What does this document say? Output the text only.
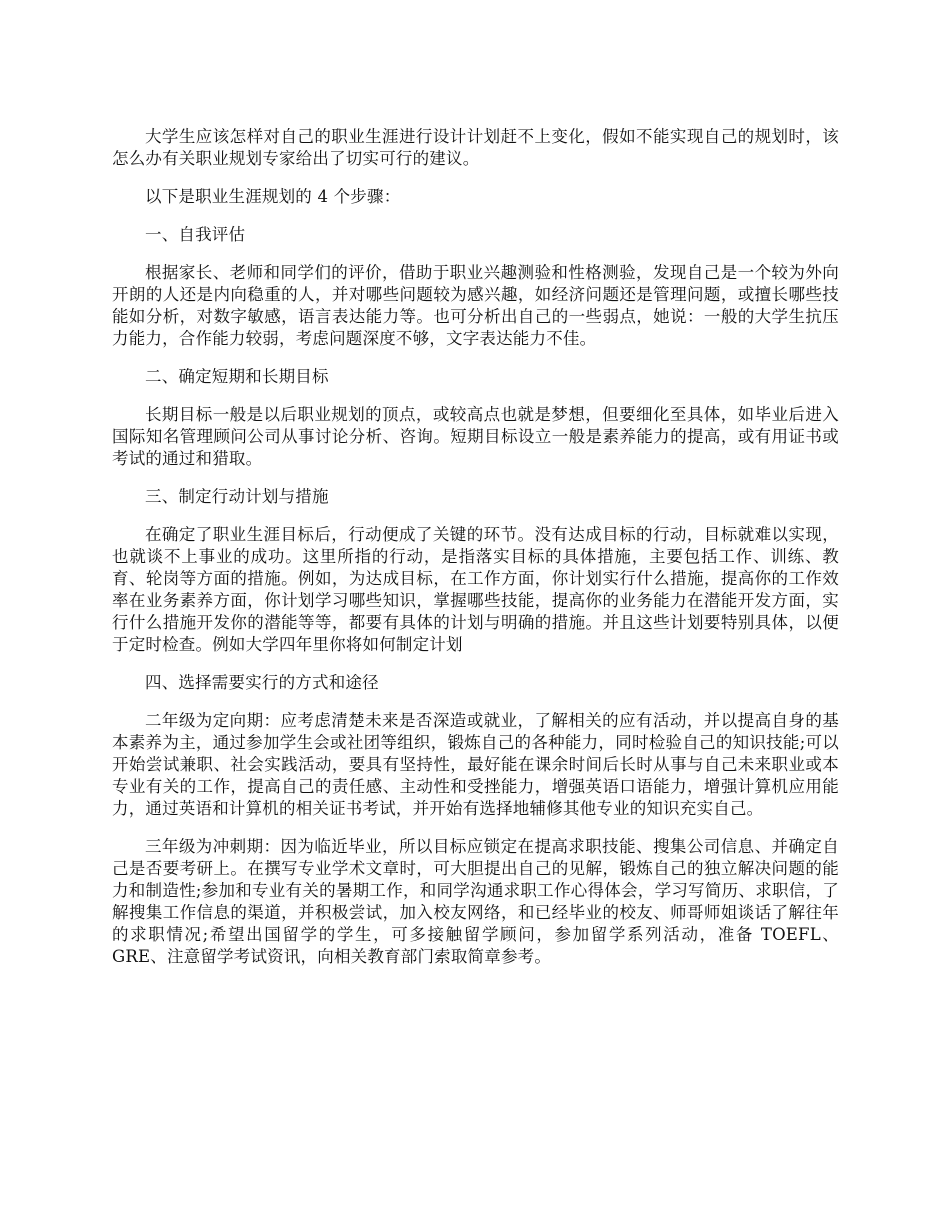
大学生应该怎样对自己的职业生涯进行设计计划赶不上变化，假如不能实现自己的规划时，该怎么办有关职业规划专家给出了切实可行的建议。

以下是职业生涯规划的 4 个步骤：

一、自我评估

根据家长、老师和同学们的评价，借助于职业兴趣测验和性格测验，发现自己是一个较为外向开朗的人还是内向稳重的人，并对哪些问题较为感兴趣，如经济问题还是管理问题，或擅长哪些技能如分析，对数字敏感，语言表达能力等。也可分析出自己的一些弱点，她说：一般的大学生抗压力能力，合作能力较弱，考虑问题深度不够，文字表达能力不佳。

二、确定短期和长期目标

长期目标一般是以后职业规划的顶点，或较高点也就是梦想，但要细化至具体，如毕业后进入国际知名管理顾问公司从事讨论分析、咨询。短期目标设立一般是素养能力的提高，或有用证书或考试的通过和猎取。

三、制定行动计划与措施

在确定了职业生涯目标后，行动便成了关键的环节。没有达成目标的行动，目标就难以实现，也就谈不上事业的成功。这里所指的行动，是指落实目标的具体措施，主要包括工作、训练、教育、轮岗等方面的措施。例如，为达成目标，在工作方面，你计划实行什么措施，提高你的工作效率在业务素养方面，你计划学习哪些知识，掌握哪些技能，提高你的业务能力在潜能开发方面，实行什么措施开发你的潜能等等，都要有具体的计划与明确的措施。并且这些计划要特别具体，以便于定时检查。例如大学四年里你将如何制定计划

四、选择需要实行的方式和途径

二年级为定向期：应考虑清楚未来是否深造或就业，了解相关的应有活动，并以提高自身的基本素养为主，通过参加学生会或社团等组织，锻炼自己的各种能力，同时检验自己的知识技能;可以开始尝试兼职、社会实践活动，要具有坚持性，最好能在课余时间后长时从事与自己未来职业或本专业有关的工作，提高自己的责任感、主动性和受挫能力，增强英语口语能力，增强计算机应用能力，通过英语和计算机的相关证书考试，并开始有选择地辅修其他专业的知识充实自己。

三年级为冲刺期：因为临近毕业，所以目标应锁定在提高求职技能、搜集公司信息、并确定自己是否要考研上。在撰写专业学术文章时，可大胆提出自己的见解，锻炼自己的独立解决问题的能力和制造性;参加和专业有关的暑期工作，和同学沟通求职工作心得体会，学习写简历、求职信，了解搜集工作信息的渠道，并积极尝试，加入校友网络，和已经毕业的校友、师哥师姐谈话了解往年的求职情况;希望出国留学的学生，可多接触留学顾问，参加留学系列活动，准备 TOEFL、GRE、注意留学考试资讯，向相关教育部门索取简章参考。
